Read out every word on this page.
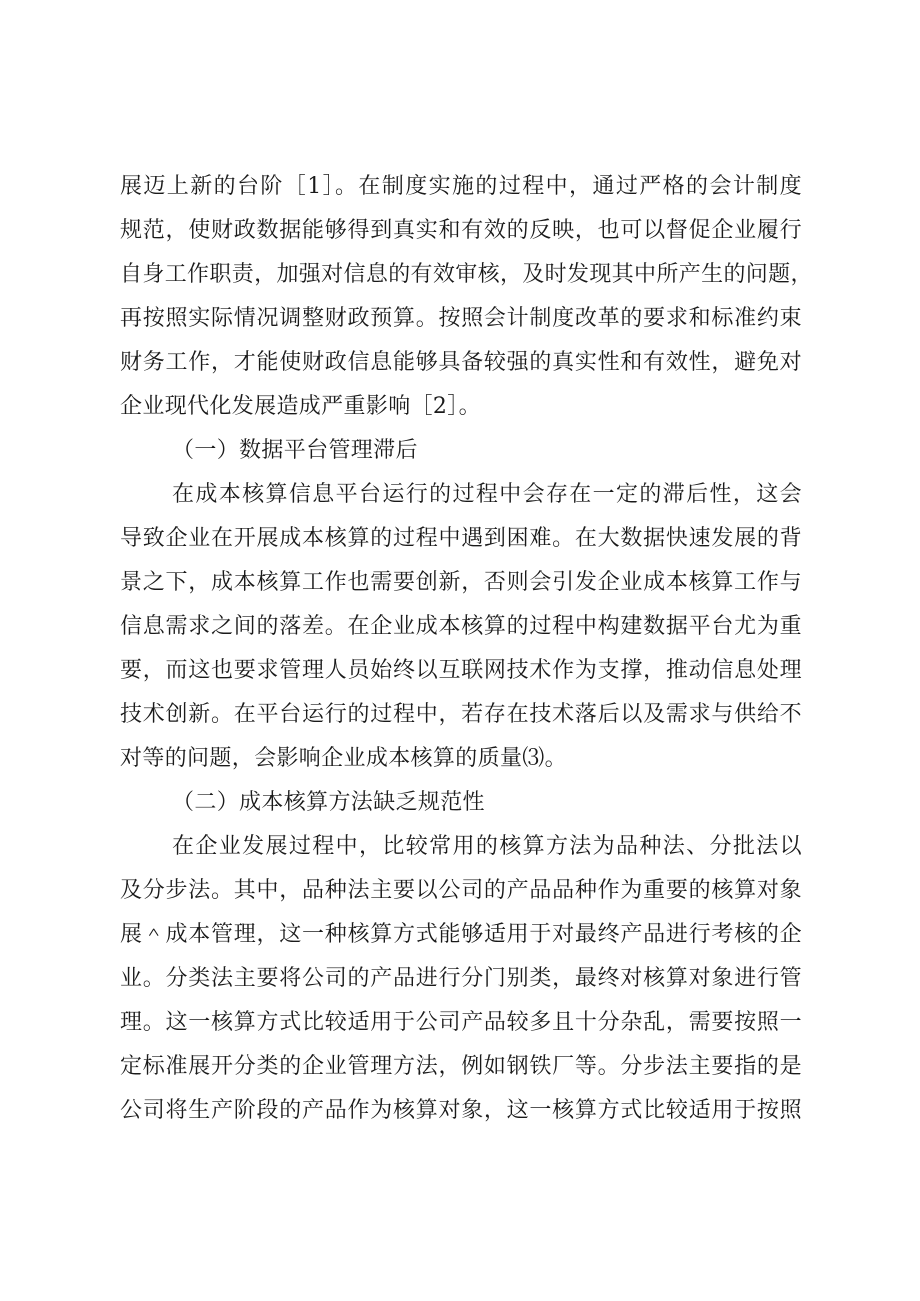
展迈上新的台阶［1］。在制度实施的过程中，通过严格的会计制度
规范，使财政数据能够得到真实和有效的反映，也可以督促企业履行
自身工作职责，加强对信息的有效审核，及时发现其中所产生的问题，
再按照实际情况调整财政预算。按照会计制度改革的要求和标准约束
财务工作，才能使财政信息能够具备较强的真实性和有效性，避免对
企业现代化发展造成严重影响［2］。
（一）数据平台管理滞后
在成本核算信息平台运行的过程中会存在一定的滞后性，这会
导致企业在开展成本核算的过程中遇到困难。在大数据快速发展的背
景之下，成本核算工作也需要创新，否则会引发企业成本核算工作与
信息需求之间的落差。在企业成本核算的过程中构建数据平台尤为重
要，而这也要求管理人员始终以互联网技术作为支撑，推动信息处理
技术创新。在平台运行的过程中，若存在技术落后以及需求与供给不
对等的问题，会影响企业成本核算的质量⑶。
（二）成本核算方法缺乏规范性
在企业发展过程中，比较常用的核算方法为品种法、分批法以
及分步法。其中，品种法主要以公司的产品品种作为重要的核算对象
展＾成本管理，这一种核算方式能够适用于对最终产品进行考核的企
业。分类法主要将公司的产品进行分门别类，最终对核算对象进行管
理。这一核算方式比较适用于公司产品较多且十分杂乱，需要按照一
定标准展开分类的企业管理方法，例如钢铁厂等。分步法主要指的是
公司将生产阶段的产品作为核算对象，这一核算方式比较适用于按照
